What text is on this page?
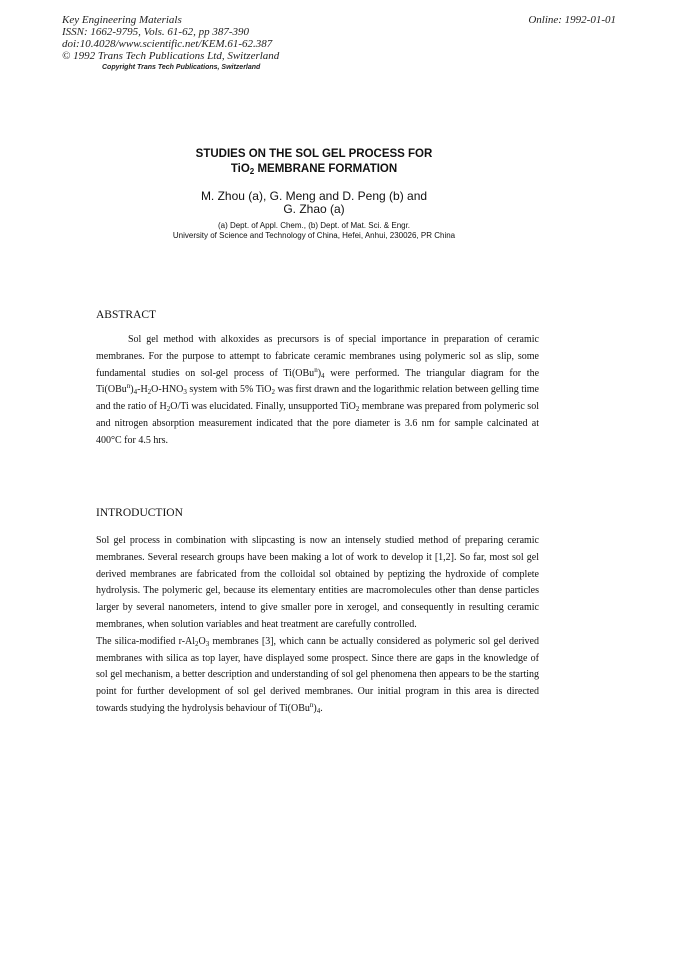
Key Engineering Materials
ISSN: 1662-9795, Vols. 61-62, pp 387-390
doi:10.4028/www.scientific.net/KEM.61-62.387
© 1992 Trans Tech Publications Ltd, Switzerland
Copyright Trans Tech Publications, Switzerland
Online: 1992-01-01
STUDIES ON THE SOL GEL PROCESS FOR
TiO$_2$ MEMBRANE FORMATION
M. Zhou (a), G. Meng and D. Peng (b) and
G. Zhao (a)
(a) Dept. of Appl. Chem., (b) Dept. of Mat. Sci. & Engr.
University of Science and Technology of China, Hefei, Anhui, 230026, PR China
ABSTRACT

Sol gel method with alkoxides as precursors is of special importance in preparation of ceramic membranes. For the purpose to attempt to fabricate ceramic membranes using polymeric sol as slip, some fundamental studies on sol-gel process of $Ti(OBu^n)_4$ were performed. The triangular diagram for the $Ti(OBu^n)_4-H_2O-HNO_3$ system with 5% TiO$_2$ was first drawn and the logarithmic relation between gelling time and the ratio of $H_2O/Ti$ was elucidated. Finally, unsupported TiO$_2$ membrane was prepared from polymeric sol and nitrogen absorption measurement indicated that the pore diameter is 3.6 nm for sample calcinated at 400°C for 4.5 hrs.

INTRODUCTION

Sol gel process in combination with slipcasting is now an intensely studied method of preparing ceramic membranes. Several research groups have been making a lot of work to develop it [1,2]. So far, most sol gel derived membranes are fabricated from the colloidal sol obtained by peptizing the hydroxide of complete hydrolysis. The polymeric gel, because its elementary entities are macromolecules other than dense particles larger by several nanometers, intend to give smaller pore in xerogel, and consequently in resulting ceramic membranes, when solution variables and heat treatment are carefully controlled.

The silica-modified $r-Al_2O_3$ membranes [3], which cann be actually considered as polymeric sol gel derived membranes with silica as top layer, have displayed some prospect. Since there are gaps in the knowledge of sol gel mechanism, a better description and understanding of sol gel phenomena then appears to be the starting point for further development of sol gel derived membranes. Our initial program in this area is directed towards studying the hydrolysis behaviour of $Ti(OBu^n)_4$.
